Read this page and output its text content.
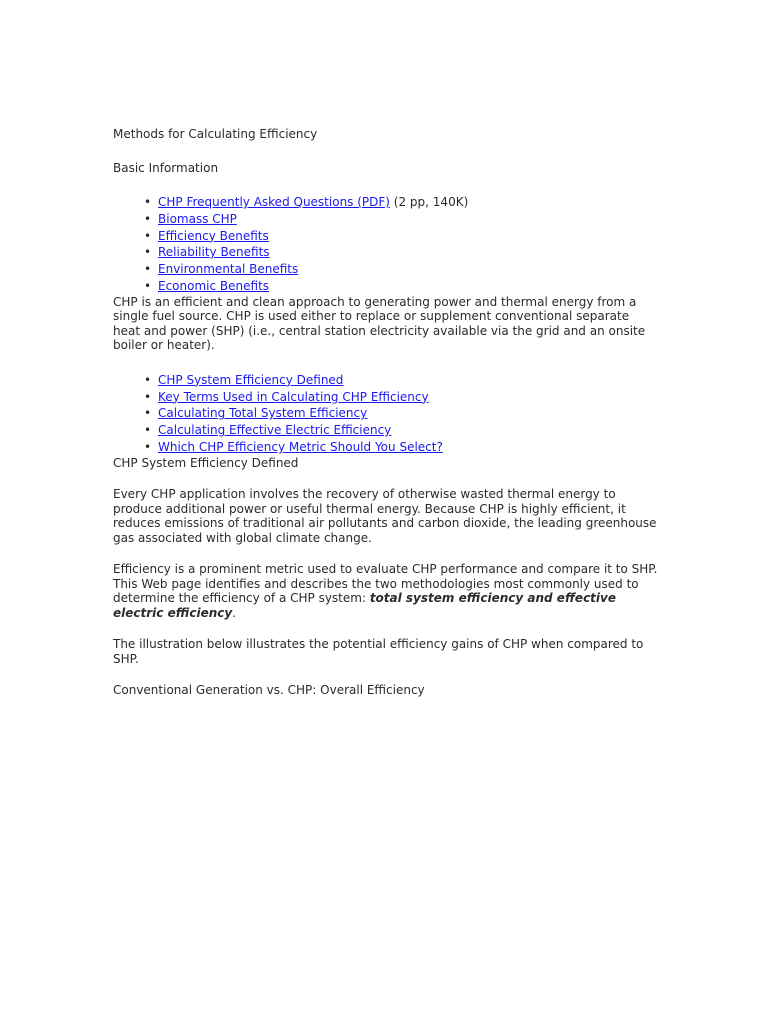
Methods for Calculating Efficiency

Basic Information

• CHP Frequently Asked Questions (PDF) (2 pp, 140K)
• Biomass CHP
• Efficiency Benefits
• Reliability Benefits
• Environmental Benefits
• Economic Benefits

CHP is an efficient and clean approach to generating power and thermal energy from a single fuel source. CHP is used either to replace or supplement conventional separate heat and power (SHP) (i.e., central station electricity available via the grid and an onsite boiler or heater).

• CHP System Efficiency Defined
• Key Terms Used in Calculating CHP Efficiency
• Calculating Total System Efficiency
• Calculating Effective Electric Efficiency
• Which CHP Efficiency Metric Should You Select?

CHP System Efficiency Defined

Every CHP application involves the recovery of otherwise wasted thermal energy to produce additional power or useful thermal energy. Because CHP is highly efficient, it reduces emissions of traditional air pollutants and carbon dioxide, the leading greenhouse gas associated with global climate change.

Efficiency is a prominent metric used to evaluate CHP performance and compare it to SHP. This Web page identifies and describes the two methodologies most commonly used to determine the efficiency of a CHP system: total system efficiency and effective electric efficiency.

The illustration below illustrates the potential efficiency gains of CHP when compared to SHP.

Conventional Generation vs. CHP: Overall Efficiency
